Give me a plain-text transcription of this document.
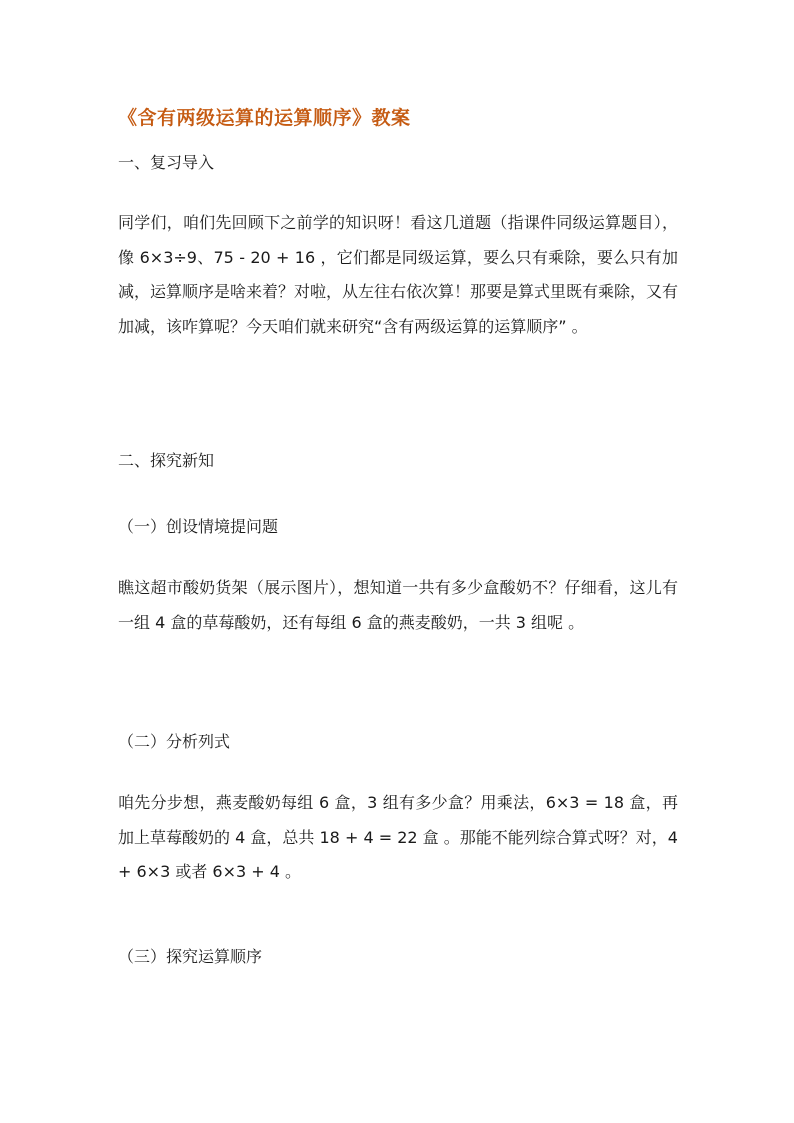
《含有两级运算的运算顺序》教案
一、复习导入
同学们，咱们先回顾下之前学的知识呀！看这几道题（指课件同级运算题目），像 6×3÷9、75 - 20 + 16 ，它们都是同级运算，要么只有乘除，要么只有加减，运算顺序是啥来着？对啦，从左往右依次算！那要是算式里既有乘除，又有加减，该咋算呢？今天咱们就来研究“含有两级运算的运算顺序” 。
二、探究新知
（一）创设情境提问题
瞧这超市酸奶货架（展示图片），想知道一共有多少盒酸奶不？仔细看，这儿有一组 4 盒的草莓酸奶，还有每组 6 盒的燕麦酸奶，一共 3 组呢 。
（二）分析列式
咱先分步想，燕麦酸奶每组 6 盒，3 组有多少盒？用乘法，6×3 = 18 盒，再加上草莓酸奶的 4 盒，总共 18 + 4 = 22 盒 。那能不能列综合算式呀？对，4 + 6×3 或者 6×3 + 4 。
（三）探究运算顺序
